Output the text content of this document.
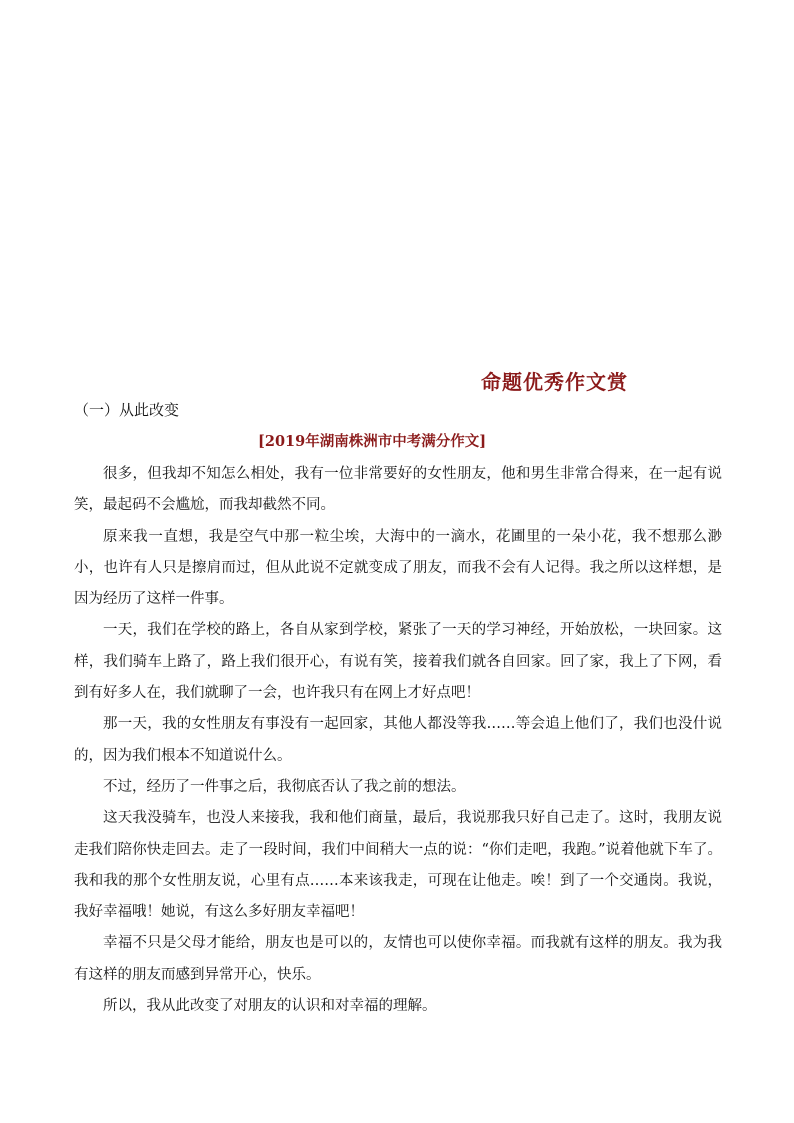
命题优秀作文赏
（一）从此改变

[2019年湖南株洲市中考满分作文]

很多，但我却不知怎么相处，我有一位非常要好的女性朋友，他和男生非常合得来，在一起有说笑，最起码不会尴尬，而我却截然不同。

原来我一直想，我是空气中那一粒尘埃，大海中的一滴水，花圃里的一朵小花，我不想那么渺小，也许有人只是擦肩而过，但从此说不定就变成了朋友，而我不会有人记得。我之所以这样想，是因为经历了这样一件事。

一天，我们在学校的路上，各自从家到学校，紧张了一天的学习神经，开始放松，一块回家。这样，我们骑车上路了，路上我们很开心，有说有笑，接着我们就各自回家。回了家，我上了下网，看到有好多人在，我们就聊了一会，也许我只有在网上才好点吧！

那一天，我的女性朋友有事没有一起回家，其他人都没等我……等会追上他们了，我们也没什说的，因为我们根本不知道说什么。

不过，经历了一件事之后，我彻底否认了我之前的想法。

这天我没骑车，也没人来接我，我和他们商量，最后，我说那我只好自己走了。这时，我朋友说走我们陪你快走回去。走了一段时间，我们中间稍大一点的说：“你们走吧，我跑。”说着他就下车了。我和我的那个女性朋友说，心里有点……本来该我走，可现在让他走。唉！到了一个交通岗。我说，我好幸福哦！她说，有这么多好朋友幸福吧！

幸福不只是父母才能给，朋友也是可以的，友情也可以使你幸福。而我就有这样的朋友。我为我有这样的朋友而感到异常开心，快乐。

所以，我从此改变了对朋友的认识和对幸福的理解。
